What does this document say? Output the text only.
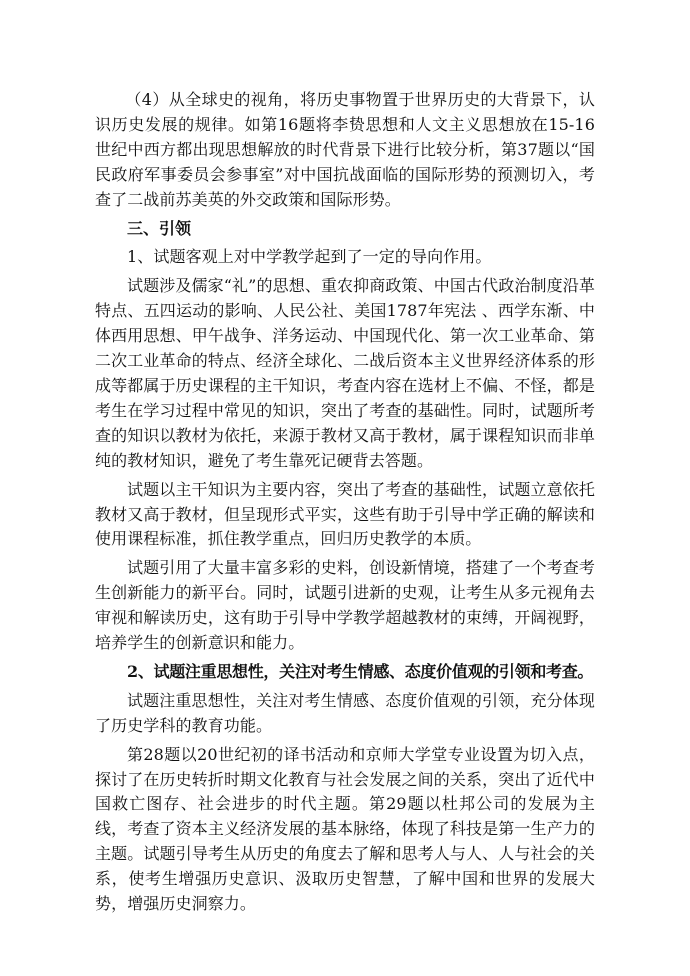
（4）从全球史的视角，将历史事物置于世界历史的大背景下，认识历史发展的规律。如第16题将李贽思想和人文主义思想放在15-16世纪中西方都出现思想解放的时代背景下进行比较分析，第37题以“国民政府军事委员会参事室”对中国抗战面临的国际形势的预测切入，考查了二战前苏美英的外交政策和国际形势。

三、引领

1、试题客观上对中学教学起到了一定的导向作用。

试题涉及儒家“礼”的思想、重农抑商政策、中国古代政治制度沿革特点、五四运动的影响、人民公社、美国1787年宪法 、西学东渐、中体西用思想、甲午战争、洋务运动、中国现代化、第一次工业革命、第二次工业革命的特点、经济全球化、二战后资本主义世界经济体系的形成等都属于历史课程的主干知识，考查内容在选材上不偏、不怪，都是考生在学习过程中常见的知识，突出了考查的基础性。同时，试题所考查的知识以教材为依托，来源于教材又高于教材，属于课程知识而非单纯的教材知识，避免了考生靠死记硬背去答题。

试题以主干知识为主要内容，突出了考查的基础性，试题立意依托教材又高于教材，但呈现形式平实，这些有助于引导中学正确的解读和使用课程标准，抓住教学重点，回归历史教学的本质。

试题引用了大量丰富多彩的史料，创设新情境，搭建了一个考查考生创新能力的新平台。同时，试题引进新的史观，让考生从多元视角去审视和解读历史，这有助于引导中学教学超越教材的束缚，开阔视野，培养学生的创新意识和能力。

2、试题注重思想性，关注对考生情感、态度价值观的引领和考查。

试题注重思想性，关注对考生情感、态度价值观的引领，充分体现了历史学科的教育功能。

第28题以20世纪初的译书活动和京师大学堂专业设置为切入点，探讨了在历史转折时期文化教育与社会发展之间的关系，突出了近代中国救亡图存、社会进步的时代主题。第29题以杜邦公司的发展为主线，考查了资本主义经济发展的基本脉络，体现了科技是第一生产力的主题。试题引导考生从历史的角度去了解和思考人与人、人与社会的关系，使考生增强历史意识、汲取历史智慧，了解中国和世界的发展大势，增强历史洞察力。
